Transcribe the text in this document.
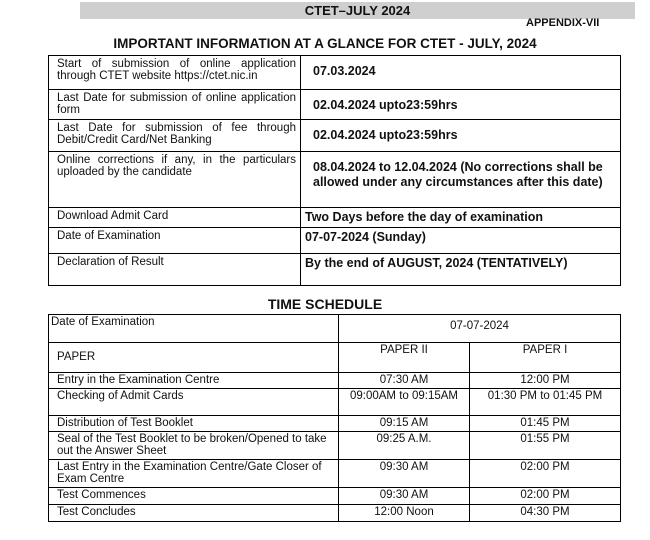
CTET–JULY 2024
APPENDIX-VII
IMPORTANT INFORMATION AT A GLANCE FOR CTET - JULY, 2024
Start of submission of online application through CTET website https://ctet.nic.in	07.03.2024
Last Date for submission of online application form	02.04.2024 upto23:59hrs
Last Date for submission of fee through Debit/Credit Card/Net Banking	02.04.2024 upto23:59hrs
Online corrections if any, in the particulars uploaded by the candidate	08.04.2024 to 12.04.2024 (No corrections shall be allowed under any circumstances after this date)
Download Admit Card	Two Days before the day of examination
Date of Examination	07-07-2024 (Sunday)
Declaration of Result	By the end of AUGUST, 2024 (TENTATIVELY)
TIME SCHEDULE
Date of Examination	07-07-2024	
PAPER	PAPER II	PAPER I
Entry in the Examination Centre	07:30 AM	12:00 PM
Checking of Admit Cards	09:00AM to 09:15AM	01:30 PM to 01:45 PM
Distribution of Test Booklet	09:15 AM	01:45 PM
Seal of the Test Booklet to be broken/Opened to take out the Answer Sheet	09:25 A.M.	01:55 PM
Last Entry in the Examination Centre/Gate Closer of Exam Centre	09:30 AM	02:00 PM
Test Commences	09:30 AM	02:00 PM
Test Concludes	12:00 Noon	04:30 PM
